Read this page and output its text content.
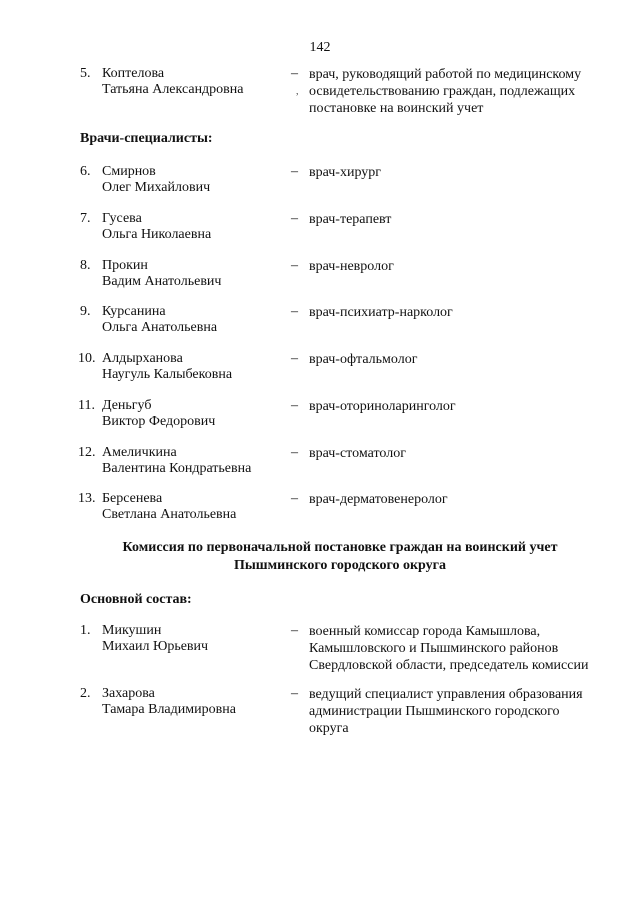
142
5. Коптелова
Татьяна Александровна
– врач, руководящий работой по медицинскому
освидетельствованию граждан, подлежащих
постановке на воинский учет
Врачи-специалисты:
6. Смирнов
Олег Михайлович
– врач-хирург
7. Гусева
Ольга Николаевна
– врач-терапевт
8. Прокин
Вадим Анатольевич
– врач-невролог
9. Курсанина
Ольга Анатольевна
– врач-психиатр-нарколог
10. Алдырханова
Наугуль Калыбековна
– врач-офтальмолог
11. Деньгуб
Виктор Федорович
– врач-оториноларинголог
12. Амеличкина
Валентина Кондратьевна
– врач-стоматолог
13. Берсенева
Светлана Анатольевна
– врач-дерматовенеролог
Комиссия по первоначальной постановке граждан на воинский учет
Пышминского городского округа
Основной состав:
1. Микушин
Михаил Юрьевич
– военный комиссар города Камышлова,
Камышловского и Пышминского районов
Свердловской области, председатель комиссии
2. Захарова
Тамара Владимировна
– ведущий специалист управления образования
администрации Пышминского городского
округа
,
